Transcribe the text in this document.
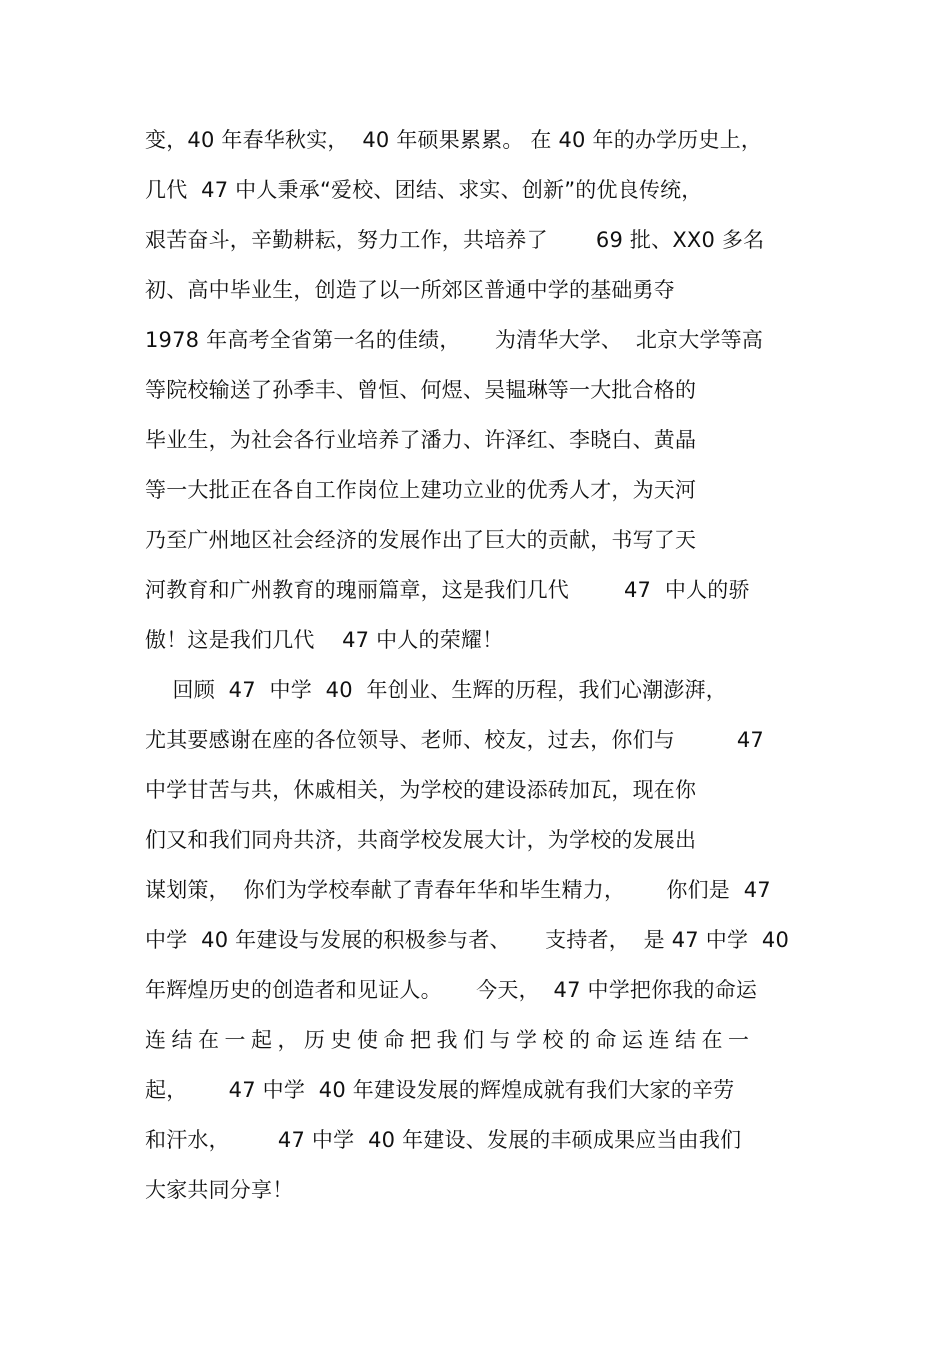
变，40 年春华秋实，  40 年硕果累累。 在 40 年的办学历史上，
几代  47 中人秉承“爱校、团结、求实、创新”的优良传统，
艰苦奋斗，辛勤耕耘，努力工作，共培养了       69 批、XX0 多名
初、高中毕业生，创造了以一所郊区普通中学的基础勇夺
1978 年高考全省第一名的佳绩，     为清华大学、  北京大学等高
等院校输送了孙季丰、曾恒、何煜、吴韫琳等一大批合格的
毕业生，为社会各行业培养了潘力、许泽红、李晓白、黄晶
等一大批正在各自工作岗位上建功立业的优秀人才，为天河
乃至广州地区社会经济的发展作出了巨大的贡献，书写了天
河教育和广州教育的瑰丽篇章，这是我们几代        47  中人的骄
傲！这是我们几代    47 中人的荣耀！
回顾  47  中学  40  年创业、生辉的历程，我们心潮澎湃，
尤其要感谢在座的各位领导、老师、校友，过去，你们与         47
中学甘苦与共，休戚相关，为学校的建设添砖加瓦，现在你
们又和我们同舟共济，共商学校发展大计，为学校的发展出
谋划策，  你们为学校奉献了青春年华和毕生精力，      你们是  47
中学  40 年建设与发展的积极参与者、     支持者，  是 47 中学  40
年辉煌历史的创造者和见证人。     今天，  47 中学把你我的命运
连结在一起，历史使命把我们与学校的命运连结在一
起，      47 中学  40 年建设发展的辉煌成就有我们大家的辛劳
和汗水，       47 中学  40 年建设、发展的丰硕成果应当由我们
大家共同分享！
